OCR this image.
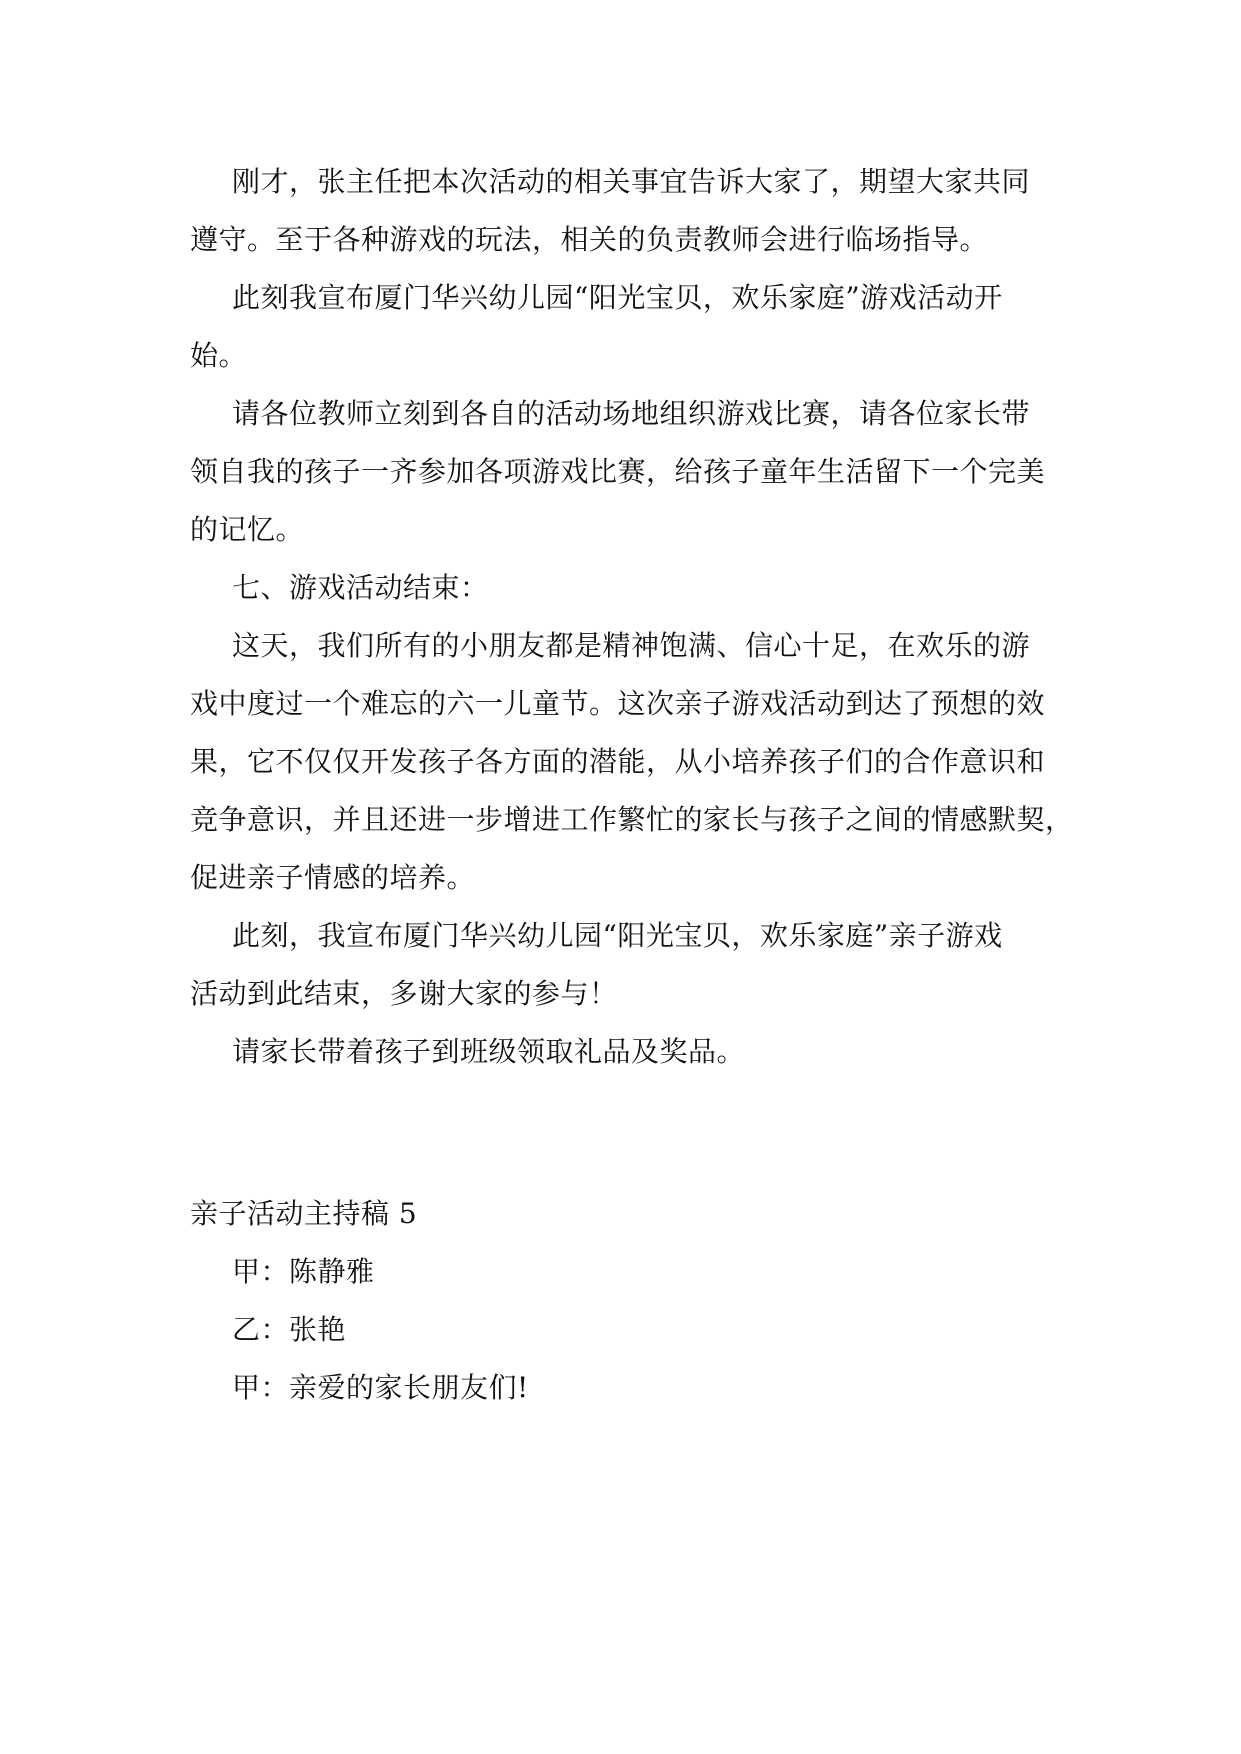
刚才，张主任把本次活动的相关事宜告诉大家了，期望大家共同
遵守。至于各种游戏的玩法，相关的负责教师会进行临场指导。
此刻我宣布厦门华兴幼儿园“阳光宝贝，欢乐家庭”游戏活动开
始。
请各位教师立刻到各自的活动场地组织游戏比赛，请各位家长带
领自我的孩子一齐参加各项游戏比赛，给孩子童年生活留下一个完美
的记忆。
七、游戏活动结束：
这天，我们所有的小朋友都是精神饱满、信心十足，在欢乐的游
戏中度过一个难忘的六一儿童节。这次亲子游戏活动到达了预想的效
果，它不仅仅开发孩子各方面的潜能，从小培养孩子们的合作意识和
竞争意识，并且还进一步增进工作繁忙的家长与孩子之间的情感默契，
促进亲子情感的培养。
此刻，我宣布厦门华兴幼儿园“阳光宝贝，欢乐家庭”亲子游戏
活动到此结束，多谢大家的参与！
请家长带着孩子到班级领取礼品及奖品。
亲子活动主持稿 5
甲：陈静雅
乙：张艳
甲：亲爱的家长朋友们!
